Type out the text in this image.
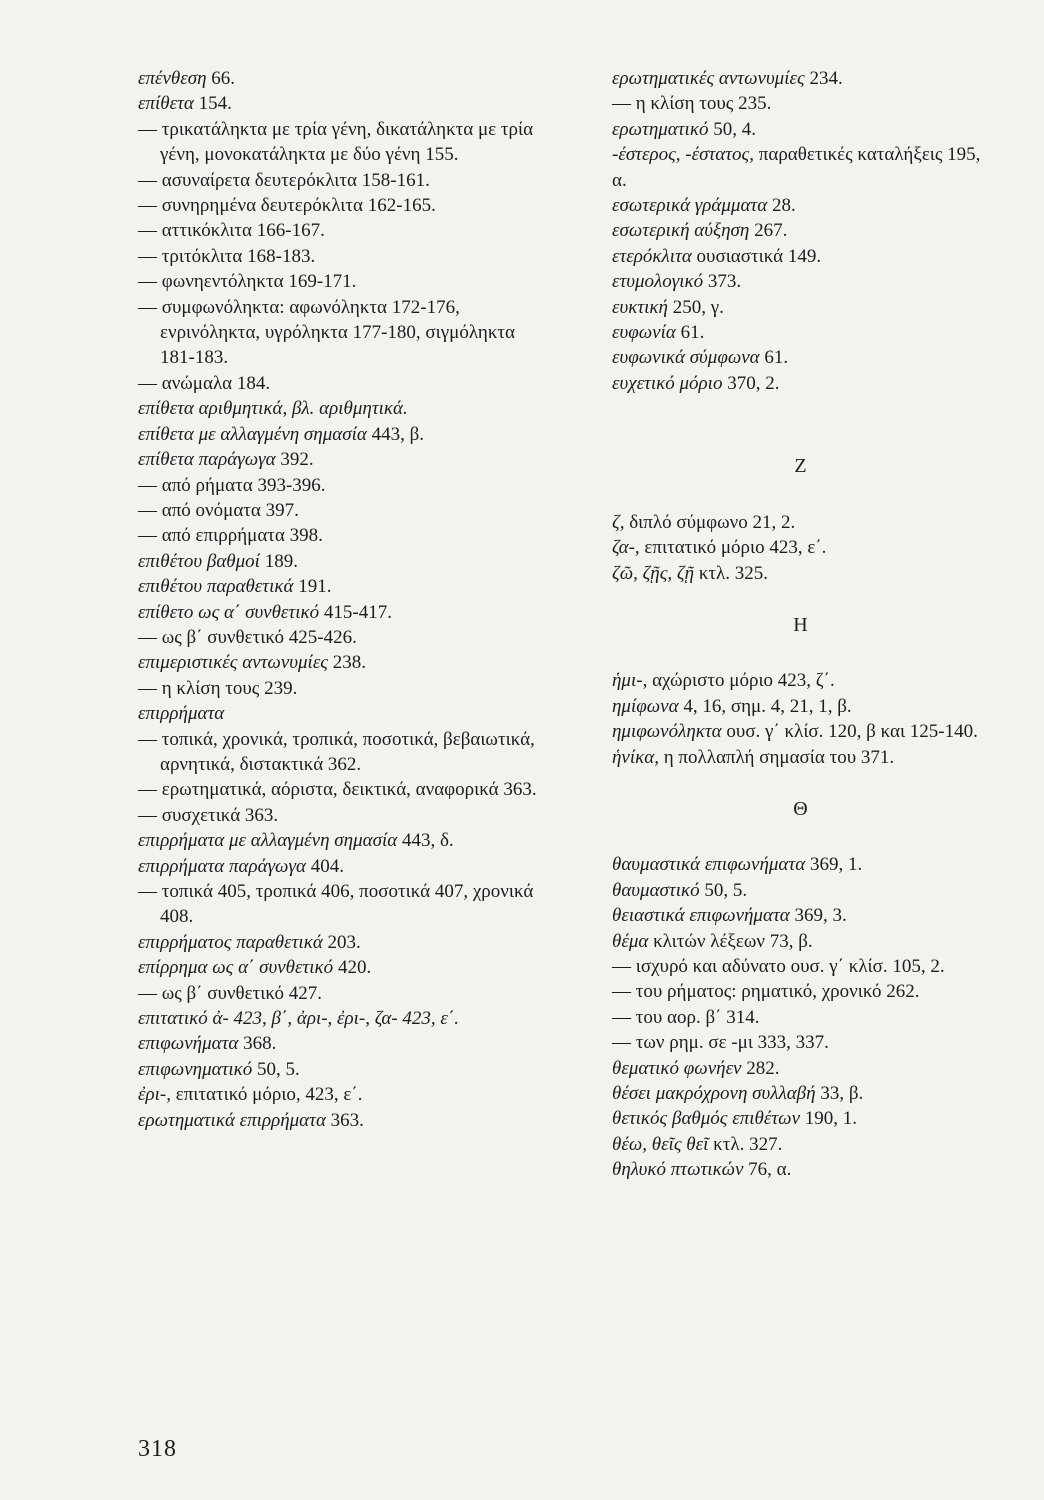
επένθεση 66.
επίθετα 154.
— τρικατάληκτα με τρία γένη, δικατάληκτα με τρία γένη, μονοκατάληκτα με δύο γένη 155.
— ασυναίρετα δευτερόκλιτα 158-161.
— συνηρημένα δευτερόκλιτα 162-165.
— αττικόκλιτα 166-167.
— τριτόκλιτα 168-183.
— φωνηεντόληκτα 169-171.
— συμφωνόληκτα: αφωνόληκτα 172-176, ενρινόληκτα, υγρόληκτα 177-180, σιγμόληκτα 181-183.
— ανώμαλα 184.
επίθετα αριθμητικά, βλ. αριθμητικά.
επίθετα με αλλαγμένη σημασία 443, β.
επίθετα παράγωγα 392.
— από ρήματα 393-396.
— από ονόματα 397.
— από επιρρήματα 398.
επιθέτου βαθμοί 189.
επιθέτου παραθετικά 191.
επίθετο ως α΄ συνθετικό 415-417.
— ως β΄ συνθετικό 425-426.
επιμεριστικές αντωνυμίες 238.
— η κλίση τους 239.
επιρρήματα
— τοπικά, χρονικά, τροπικά, ποσοτικά, βεβαιωτικά, αρνητικά, διστακτικά 362.
— ερωτηματικά, αόριστα, δεικτικά, αναφορικά 363.
— συσχετικά 363.
επιρρήματα με αλλαγμένη σημασία 443, δ.
επιρρήματα παράγωγα 404.
— τοπικά 405, τροπικά 406, ποσοτικά 407, χρονικά 408.
επιρρήματος παραθετικά 203.
επίρρημα ως α΄ συνθετικό 420.
— ως β΄ συνθετικό 427.
επιτατικό ἀ- 423, β΄, ἀρι-, ἐρι-, ζα- 423, ε΄.
επιφωνήματα 368.
επιφωνηματικό 50, 5.
ἐρι-, επιτατικό μόριο, 423, ε΄.
ερωτηματικά επιρρήματα 363.
ερωτηματικές αντωνυμίες 234.
— η κλίση τους 235.
ερωτηματικό 50, 4.
-έστερος, -έστατος, παραθετικές καταλήξεις 195, α.
εσωτερικά γράμματα 28.
εσωτερική αύξηση 267.
ετερόκλιτα ουσιαστικά 149.
ετυμολογικό 373.
ευκτική 250, γ.
ευφωνία 61.
ευφωνικά σύμφωνα 61.
ευχετικό μόριο 370, 2.
Ζ
ζ, διπλό σύμφωνο 21, 2.
ζα-, επιτατικό μόριο 423, ε΄.
ζῶ, ζῇς, ζῇ κτλ. 325.
Η
ἡμι-, αχώριστο μόριο 423, ζ΄.
ημίφωνα 4, 16, σημ. 4, 21, 1, β.
ημιφωνόληκτα ουσ. γ΄ κλίσ. 120, β και 125-140.
ἡνίκα, η πολλαπλή σημασία του 371.
Θ
θαυμαστικά επιφωνήματα 369, 1.
θαυμαστικό 50, 5.
θειαστικά επιφωνήματα 369, 3.
θέμα κλιτών λέξεων 73, β.
— ισχυρό και αδύνατο ουσ. γ΄ κλίσ. 105, 2.
— του ρήματος: ρηματικό, χρονικό 262.
— του αορ. β΄ 314.
— των ρημ. σε -μι 333, 337.
θεματικό φωνήεν 282.
θέσει μακρόχρονη συλλαβή 33, β.
θετικός βαθμός επιθέτων 190, 1.
θέω, θεῖς θεῖ κτλ. 327.
θηλυκό πτωτικών 76, α.
318
